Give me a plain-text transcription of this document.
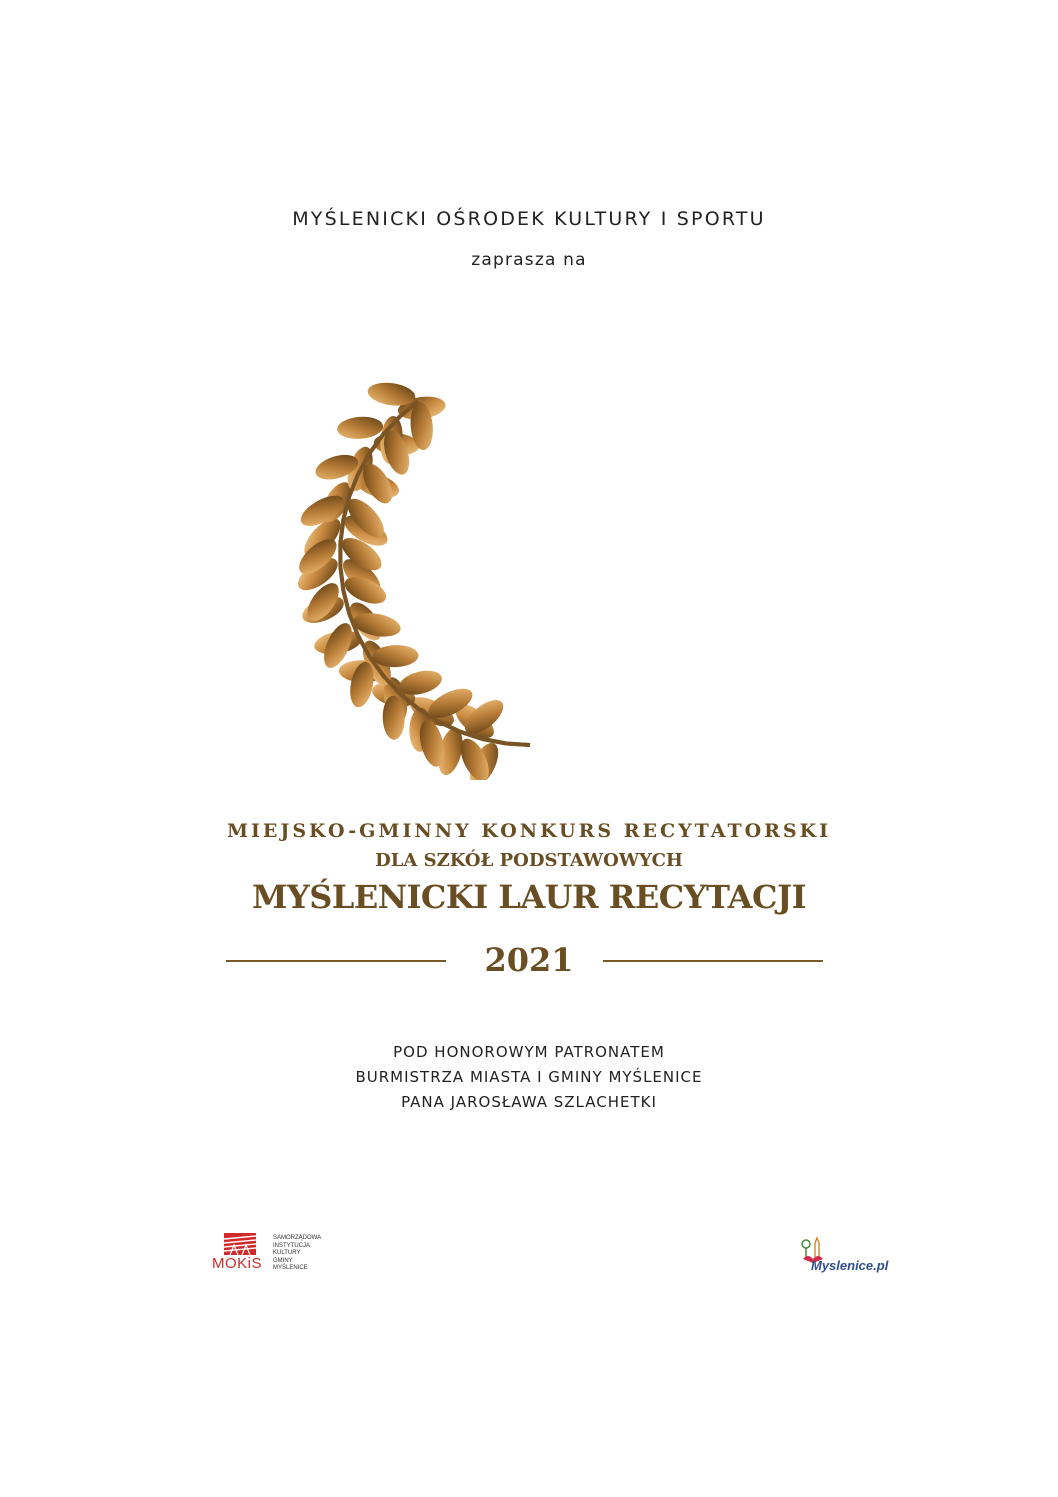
MYŚLENICKI OŚRODEK KULTURY I SPORTU
zaprasza na
MIEJSKO-GMINNY KONKURS RECYTATORSKI
DLA SZKÓŁ PODSTAWOWYCH
MYŚLENICKI LAUR RECYTACJI
2021
POD HONOROWYM PATRONATEM
BURMISTRZA MIASTA I GMINY MYŚLENICE
PANA JAROSŁAWA SZLACHETKI
MOKiS
SAMORZĄDOWA
INSTYTUCJA
KULTURY
GMINY
MYŚLENICE	Myslenice.pl
